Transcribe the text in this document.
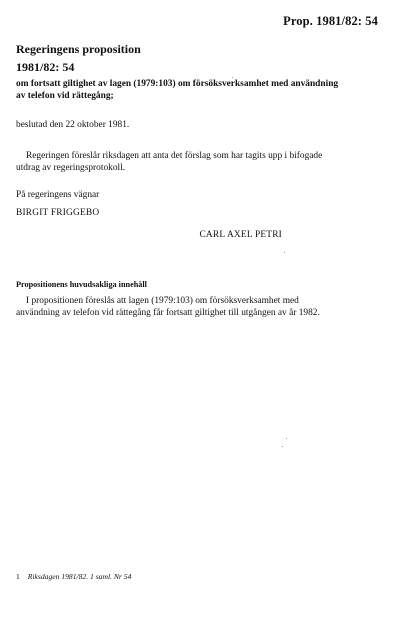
Prop. 1981/82: 54
Regeringens proposition
1981/82: 54
om fortsatt giltighet av lagen (1979:103) om försöksverksamhet med användning av telefon vid rättegång;
beslutad den 22 oktober 1981.
Regeringen föreslår riksdagen att anta det förslag som har tagits upp i bifogade utdrag av regeringsprotokoll.
På regeringens vägnar
BIRGIT FRIGGEBO
CARL AXEL PETRI
Propositionens huvudsakliga innehåll
I propositionen föreslås att lagen (1979:103) om försöksverksamhet med användning av telefon vid rättegång får fortsatt giltighet till utgången av år 1982.
1 Riksdagen 1981/82. 1 saml. Nr 54
